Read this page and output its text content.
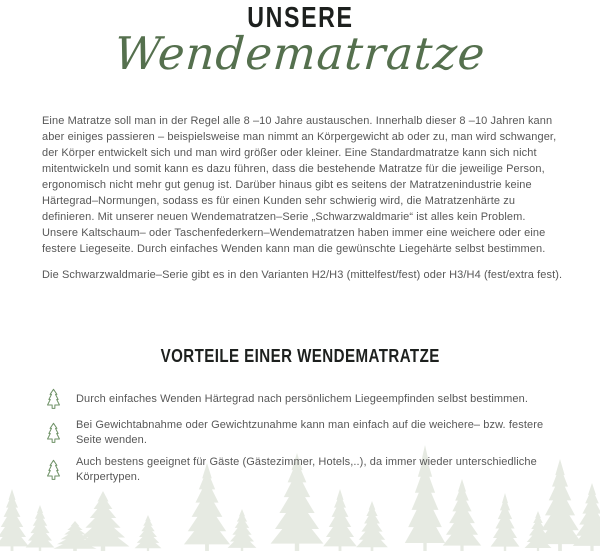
UNSERE
Wendematratze

Eine Matratze soll man in der Regel alle 8 –10 Jahre austauschen. Innerhalb dieser 8 –10 Jahren kann aber einiges passieren – beispielsweise man nimmt an Körpergewicht ab oder zu, man wird schwanger, der Körper entwickelt sich und man wird größer oder kleiner. Eine Standardmatratze kann sich nicht mitentwickeln und somit kann es dazu führen, dass die bestehende Matratze für die jeweilige Person, ergonomisch nicht mehr gut genug ist. Darüber hinaus gibt es seitens der Matratzenindustrie keine Härtegrad–Normungen, sodass es für einen Kunden sehr schwierig wird, die Matratzenhärte zu definieren. Mit unserer neuen Wendematratzen–Serie „Schwarzwaldmarie“ ist alles kein Problem. Unsere Kaltschaum– oder Taschenfederkern–Wendematratzen haben immer eine weichere oder eine festere Liegeseite. Durch einfaches Wenden kann man die gewünschte Liegehärte selbst bestimmen.

Die Schwarzwaldmarie–Serie gibt es in den Varianten H2/H3 (mittelfest/fest) oder H3/H4 (fest/extra fest).

VORTEILE EINER WENDEMATRATZE
Durch einfaches Wenden Härtegrad nach persönlichem Liegeempfinden selbst bestimmen.
Bei Gewichtabnahme oder Gewichtzunahme kann man einfach auf die weichere– bzw. festere Seite wenden.
Auch bestens geeignet für Gäste (Gästezimmer, Hotels,..), da immer wieder unterschiedliche Körpertypen.
